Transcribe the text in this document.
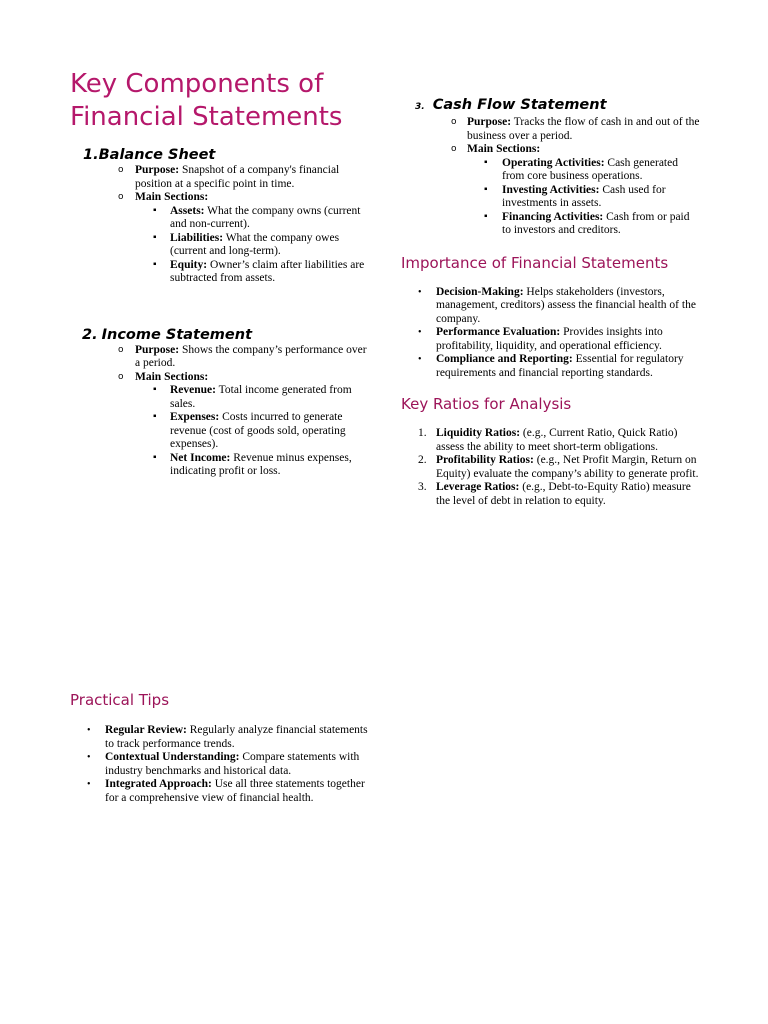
Key Components of Financial Statements
1. Balance Sheet
o Purpose: Snapshot of a company's financial position at a specific point in time.
o Main Sections:
▪ Assets: What the company owns (current and non-current).
▪ Liabilities: What the company owes (current and long-term).
▪ Equity: Owner’s claim after liabilities are subtracted from assets.
2. Income Statement
o Purpose: Shows the company’s performance over a period.
o Main Sections:
▪ Revenue: Total income generated from sales.
▪ Expenses: Costs incurred to generate revenue (cost of goods sold, operating expenses).
▪ Net Income: Revenue minus expenses, indicating profit or loss.
3. Cash Flow Statement
o Purpose: Tracks the flow of cash in and out of the business over a period.
o Main Sections:
▪ Operating Activities: Cash generated from core business operations.
▪ Investing Activities: Cash used for investments in assets.
▪ Financing Activities: Cash from or paid to investors and creditors.
Importance of Financial Statements
• Decision-Making: Helps stakeholders (investors, management, creditors) assess the financial health of the company.
• Performance Evaluation: Provides insights into profitability, liquidity, and operational efficiency.
• Compliance and Reporting: Essential for regulatory requirements and financial reporting standards.
Key Ratios for Analysis
1. Liquidity Ratios: (e.g., Current Ratio, Quick Ratio) assess the ability to meet short-term obligations.
2. Profitability Ratios: (e.g., Net Profit Margin, Return on Equity) evaluate the company’s ability to generate profit.
3. Leverage Ratios: (e.g., Debt-to-Equity Ratio) measure the level of debt in relation to equity.
Practical Tips
• Regular Review: Regularly analyze financial statements to track performance trends.
• Contextual Understanding: Compare statements with industry benchmarks and historical data.
• Integrated Approach: Use all three statements together for a comprehensive view of financial health.
